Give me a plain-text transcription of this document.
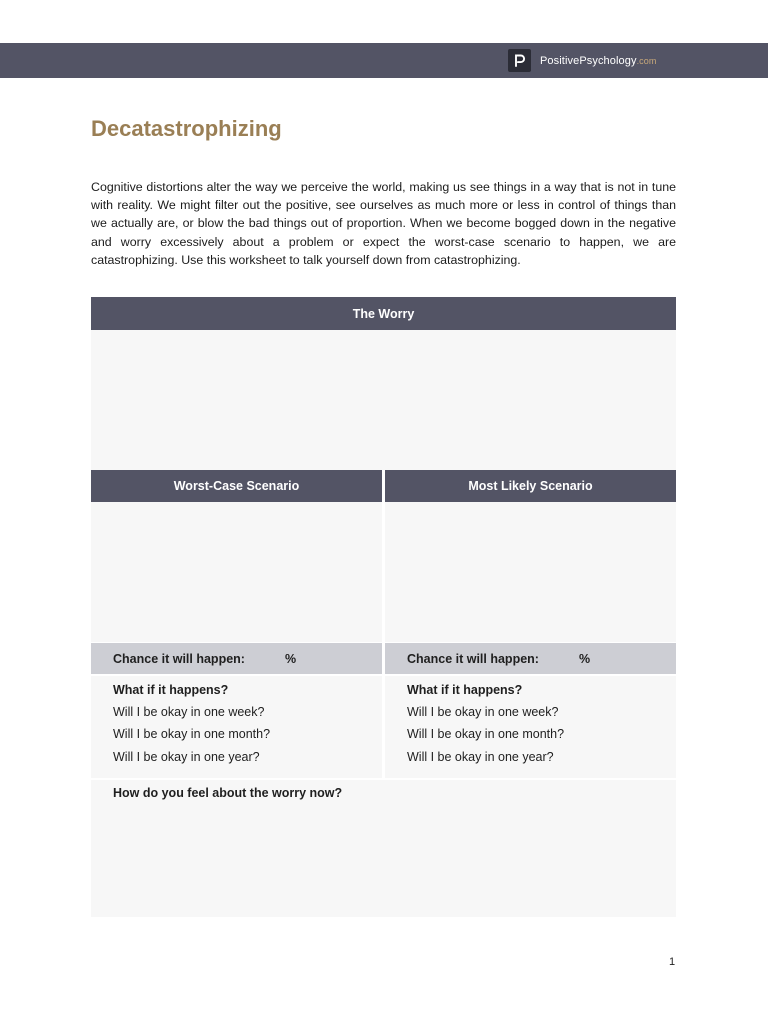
PositivePsychology.com
Decatastrophizing
Cognitive distortions alter the way we perceive the world, making us see things in a way that is not in tune with reality. We might filter out the positive, see ourselves as much more or less in control of things than we actually are, or blow the bad things out of proportion. When we become bogged down in the negative and worry excessively about a problem or expect the worst-case scenario to happen, we are catastrophizing. Use this worksheet to talk yourself down from catastrophizing.
The Worry
Worst-Case Scenario	Most Likely Scenario
Chance it will happen:	%	Chance it will happen:	%
What if it happens?
Will I be okay in one week?
Will I be okay in one month?
Will I be okay in one year?
What if it happens?
Will I be okay in one week?
Will I be okay in one month?
Will I be okay in one year?
How do you feel about the worry now?
1
